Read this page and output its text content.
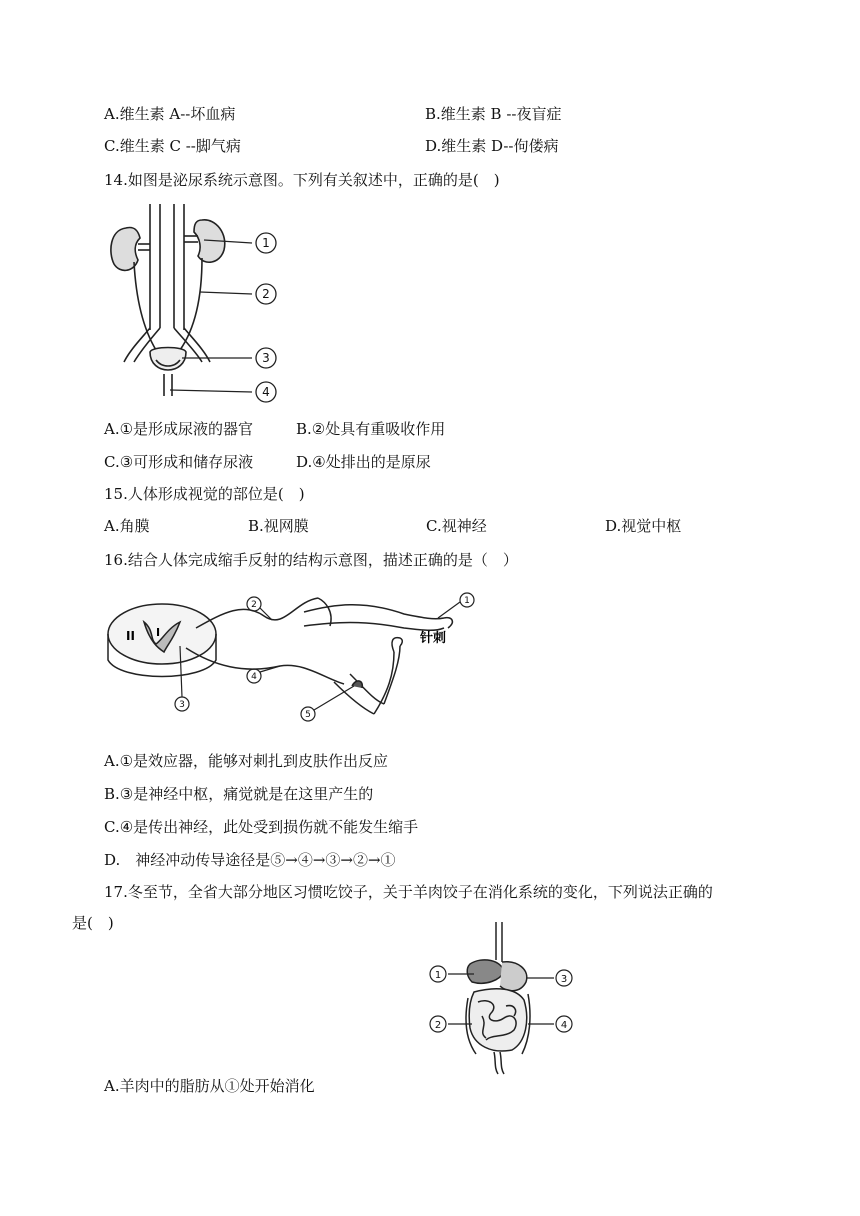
A.维生素 A--坏血病	B.维生素 B --夜盲症
C.维生素 C --脚气病	D.维生素 D--佝偻病
14.如图是泌尿系统示意图。下列有关叙述中，正确的是(　)
1
2
3
4
A.①是形成尿液的器官	B.②处具有重吸收作用
C.③可形成和储存尿液	D.④处排出的是原尿
15.人体形成视觉的部位是(　)
A.角膜	B.视网膜	C.视神经	D.视觉中枢
16.结合人体完成缩手反射的结构示意图，描述正确的是（　）
II I
2	1
3
4
5
针刺
A.①是效应器，能够对刺扎到皮肤作出反应
B.③是神经中枢，痛觉就是在这里产生的
C.④是传出神经，此处受到损伤就不能发生缩手
D.　神经冲动传导途径是⑤→④→③→②→①
17.冬至节，全省大部分地区习惯吃饺子，关于羊肉饺子在消化系统的变化，下列说法正确的
是(　)
1
2
3
4
A.羊肉中的脂肪从①处开始消化
